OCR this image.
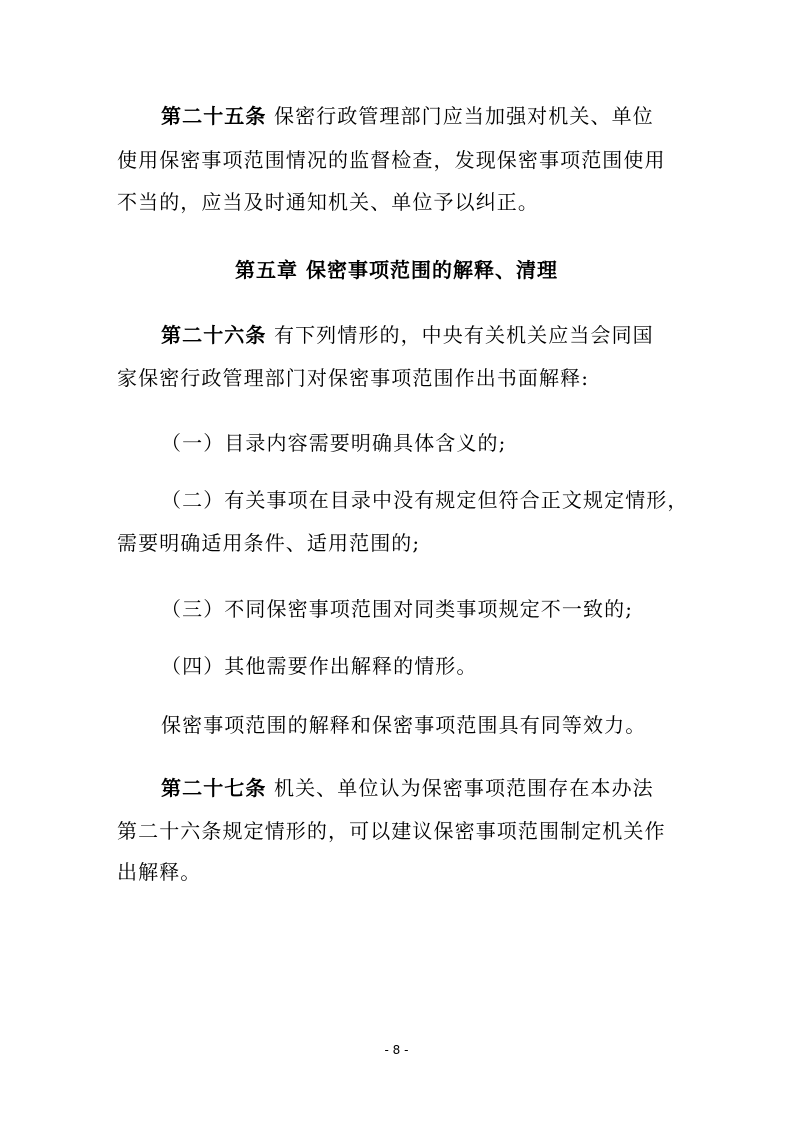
第二十五条 保密行政管理部门应当加强对机关、单位
使用保密事项范围情况的监督检查，发现保密事项范围使用
不当的，应当及时通知机关、单位予以纠正。
第五章 保密事项范围的解释、清理
第二十六条 有下列情形的，中央有关机关应当会同国
家保密行政管理部门对保密事项范围作出书面解释:
（一）目录内容需要明确具体含义的;
（二）有关事项在目录中没有规定但符合正文规定情形，
需要明确适用条件、适用范围的;
（三）不同保密事项范围对同类事项规定不一致的;
（四）其他需要作出解释的情形。
保密事项范围的解释和保密事项范围具有同等效力。
第二十七条 机关、单位认为保密事项范围存在本办法
第二十六条规定情形的，可以建议保密事项范围制定机关作
出解释。
- 8 -
